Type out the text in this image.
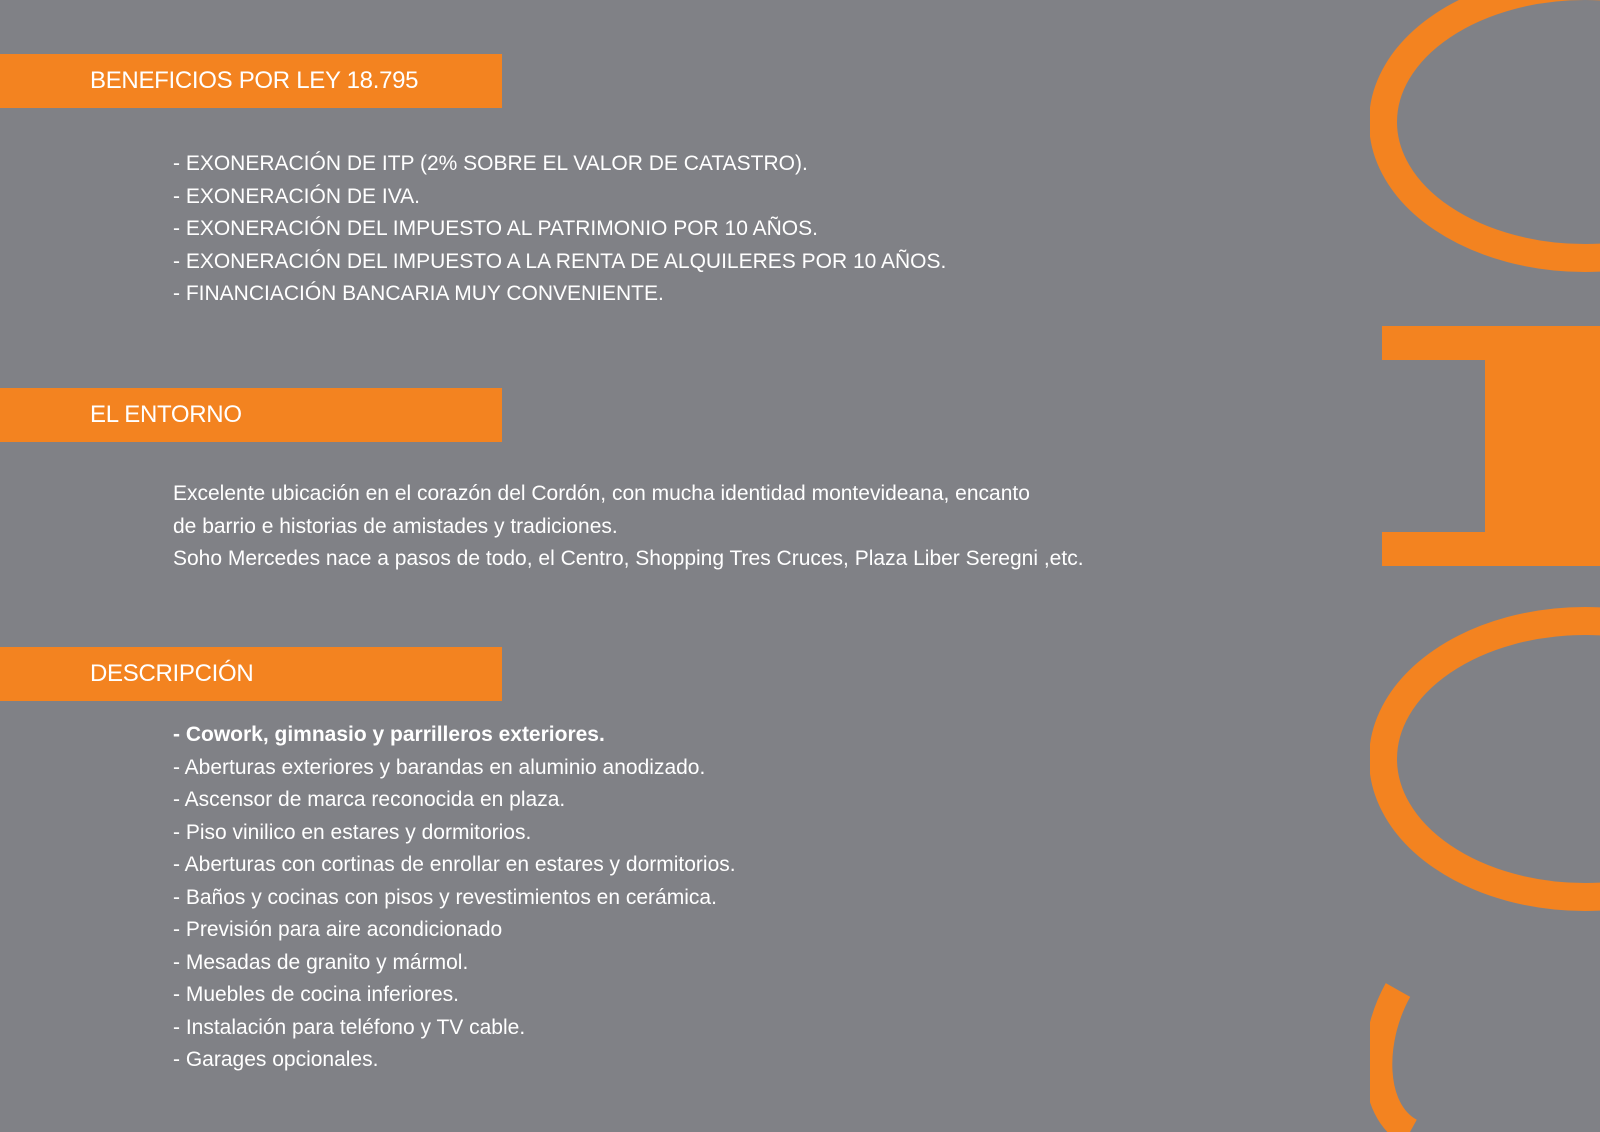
BENEFICIOS POR LEY 18.795
- EXONERACIÓN DE ITP (2% SOBRE EL VALOR DE CATASTRO).
- EXONERACIÓN DE IVA.
- EXONERACIÓN DEL IMPUESTO AL PATRIMONIO POR 10 AÑOS.
- EXONERACIÓN DEL IMPUESTO A LA RENTA DE ALQUILERES POR 10 AÑOS.
- FINANCIACIÓN BANCARIA MUY CONVENIENTE.
EL ENTORNO
Excelente ubicación en el corazón del Cordón, con mucha identidad montevideana, encanto
de barrio e historias de amistades y tradiciones.
Soho Mercedes nace a pasos de todo, el Centro, Shopping Tres Cruces, Plaza Liber Seregni ,etc.
DESCRIPCIÓN
- Cowork, gimnasio y parrilleros exteriores.
- Aberturas exteriores y barandas en aluminio anodizado.
- Ascensor de marca reconocida en plaza.
- Piso vinilico en estares y dormitorios.
- Aberturas con cortinas de enrollar en estares y dormitorios.
- Baños y cocinas con pisos y revestimientos en cerámica.
- Previsión para aire acondicionado
- Mesadas de granito y mármol.
- Muebles de cocina inferiores.
- Instalación para teléfono y TV cable.
- Garages opcionales.
